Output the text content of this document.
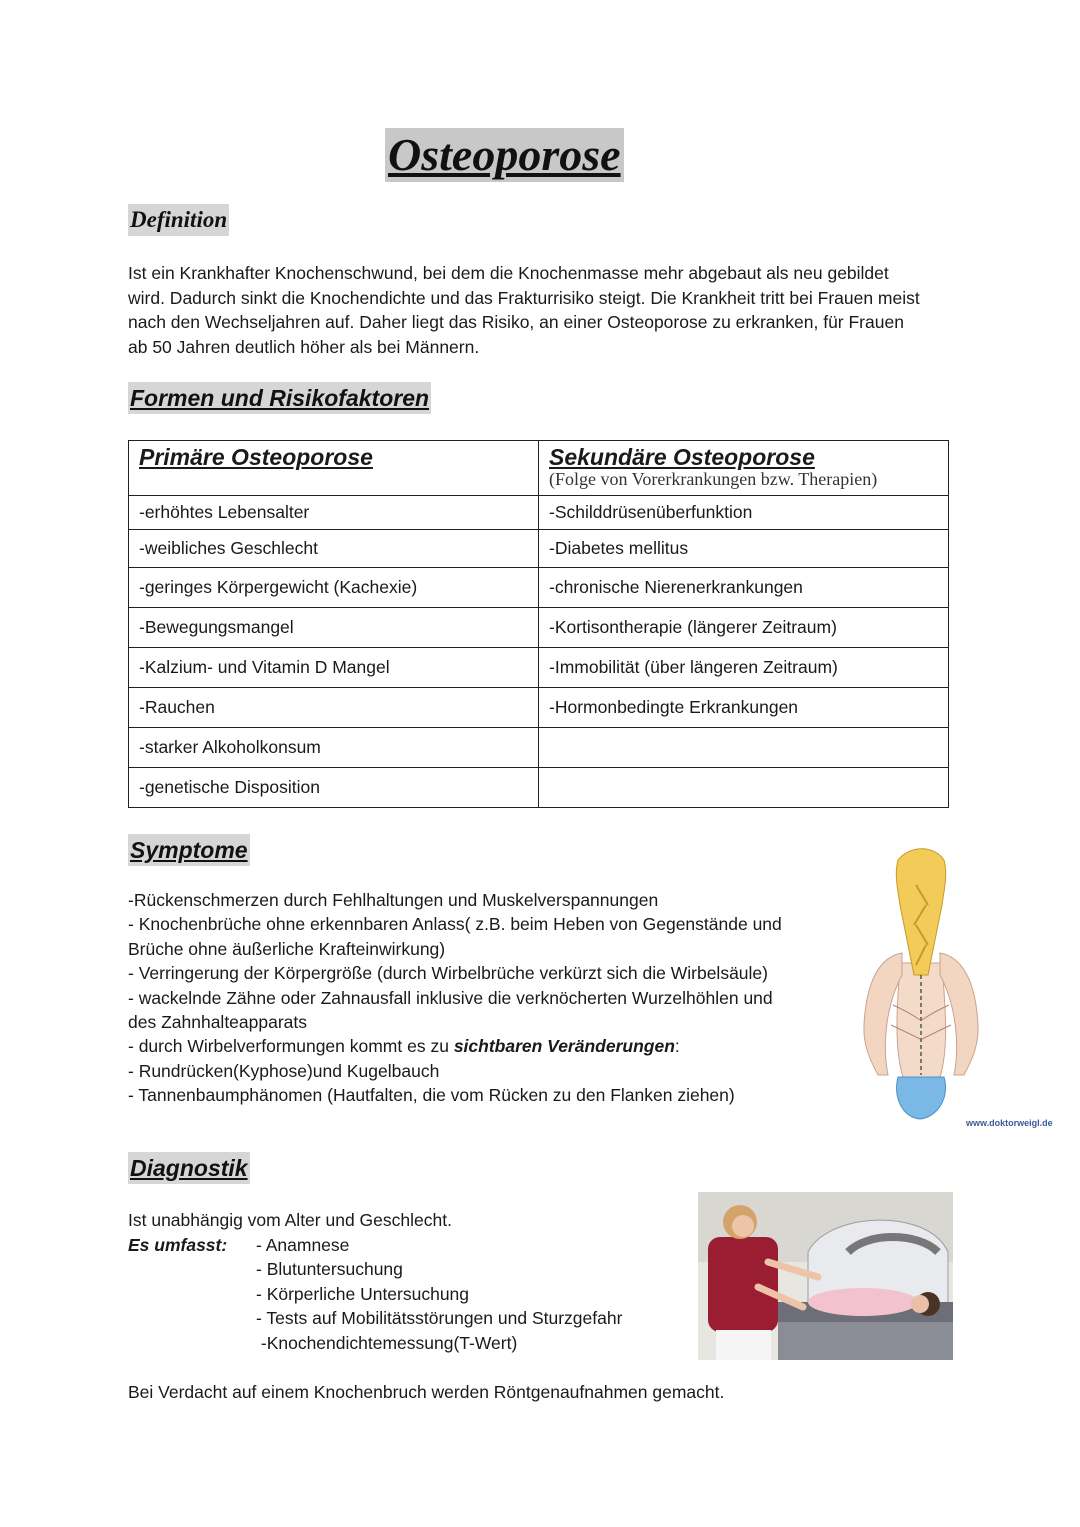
Osteoporose
Definition

Ist ein Krankhafter Knochenschwund, bei dem die Knochenmasse mehr abgebaut als neu gebildet wird. Dadurch sinkt die Knochendichte und das Frakturrisiko steigt. Die Krankheit tritt bei Frauen meist nach den Wechseljahren auf. Daher liegt das Risiko, an einer Osteoporose zu erkranken, für Frauen ab 50 Jahren deutlich höher als bei Männern.

Formen und Risikofaktoren
Primäre Osteoporose	Sekundäre Osteoporose
(Folge von Vorerkrankungen bzw. Therapien)

-erhöhtes Lebensalter	-Schilddrüsenüberfunktion
-weibliches Geschlecht	-Diabetes mellitus
-geringes Körpergewicht (Kachexie)	-chronische Nierenerkrankungen
-Bewegungsmangel	-Kortisontherapie (längerer Zeitraum)
-Kalzium- und Vitamin D Mangel	-Immobilität (über längeren Zeitraum)
-Rauchen	-Hormonbedingte Erkrankungen
-starker Alkoholkonsum	
-genetische Disposition	
Symptome
-Rückenschmerzen durch Fehlhaltungen und Muskelverspannungen
- Knochenbrüche ohne erkennbaren Anlass( z.B. beim Heben von Gegenstände und
Brüche ohne äußerliche Krafteinwirkung)
- Verringerung der Körpergröße (durch Wirbelbrüche verkürzt sich die Wirbelsäule)
- wackelnde Zähne oder Zahnausfall inklusive die verknöcherten Wurzelhöhlen und
des Zahnhalteapparats
- durch Wirbelverformungen kommt es zu sichtbaren Veränderungen:
- Rundrücken(Kyphose)und Kugelbauch
- Tannenbaumphänomen (Hautfalten, die vom Rücken zu den Flanken ziehen)
www.doktorweigl.de
Diagnostik
Ist unabhängig vom Alter und Geschlecht.
Es umfasst:	- Anamnese
- Blutuntersuchung
- Körperliche Untersuchung
- Tests auf Mobilitätsstörungen und Sturzgefahr
-Knochendichtemessung(T-Wert)
Bei Verdacht auf einem Knochenbruch werden Röntgenaufnahmen gemacht.
